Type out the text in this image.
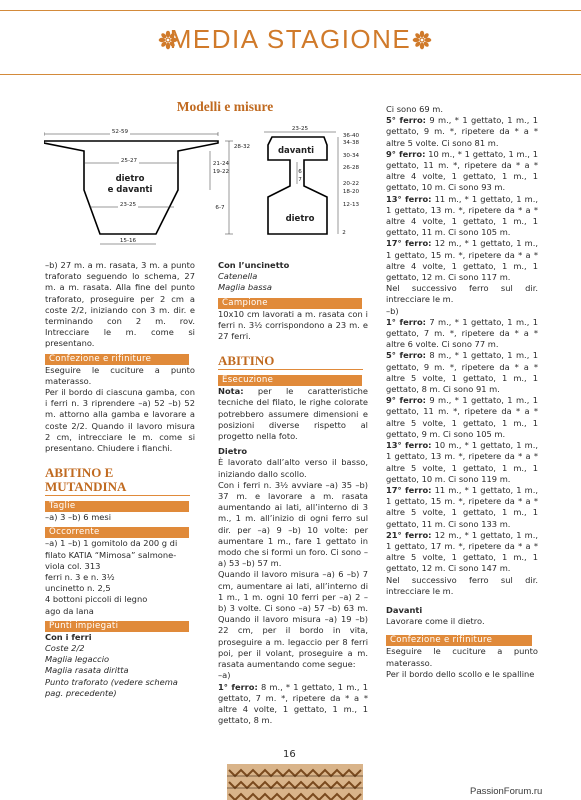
MEDIA STAGIONE
Modelli e misure
52-59
25-27
dietro
e davanti
23-25
15-16
28-32
21-24
19-22
6-7
23-25
davanti
dietro
6
7
36-40
34-38
30-34
26-28
20-22
18-20
12-13
2

–b) 27 m. a m. rasata, 3 m. a punto traforato seguendo lo schema, 27 m. a m. rasata. Alla fine del punto traforato, proseguire per 2 cm a coste 2/2, iniziando con 3 m. dir. e terminando con 2 m. rov. Intrecciare le m. come si presentano.

Confezione e rifiniture

Eseguire le cuciture a punto materasso.

Per il bordo di ciascuna gamba, con i ferri n. 3 riprendere –a) 52 –b) 52 m. attorno alla gamba e lavorare a coste 2/2. Quando il lavoro misura 2 cm, intrecciare le m. come si presentano. Chiudere i fianchi.

ABITINO E MUTANDINA
Taglie

–a) 3 –b) 6 mesi

Occorrente

–a) 1 –b) 1 gomitolo da 200 g di filato KATIA “Mimosa” salmone-viola col. 313

ferri n. 3 e n. 3½

uncinetto n. 2,5

4 bottoni piccoli di legno

ago da lana

Punti impiegati

Con i ferri

Coste 2/2

Maglia legaccio

Maglia rasata diritta

Punto traforato (vedere schema pag. precedente)

Con l’uncinetto

Catenella

Maglia bassa

Campione

10x10 cm lavorati a m. rasata con i ferri n. 3½ corrispondono a 23 m. e 27 ferri.

ABITINO
Esecuzione

Nota: per le caratteristiche tecniche del filato, le righe colorate potrebbero assumere dimensioni e posizioni diverse rispetto al progetto nella foto.

Dietro

È lavorato dall’alto verso il basso, iniziando dallo scollo.

Con i ferri n. 3½ avviare –a) 35 –b) 37 m. e lavorare a m. rasata aumentando ai lati, all’interno di 3 m., 1 m. all’inizio di ogni ferro sul dir. per –a) 9 –b) 10 volte: per aumentare 1 m., fare 1 gettato in modo che si formi un foro. Ci sono –a) 53 –b) 57 m.

Quando il lavoro misura –a) 6 –b) 7 cm, aumentare ai lati, all’interno di 1 m., 1 m. ogni 10 ferri per –a) 2 –b) 3 volte. Ci sono –a) 57 –b) 63 m. Quando il lavoro misura –a) 19 –b) 22 cm, per il bordo in vita, proseguire a m. legaccio per 8 ferri poi, per il volant, proseguire a m. rasata aumentando come segue:

–a)

1° ferro: 8 m., * 1 gettato, 1 m., 1 gettato, 7 m. *, ripetere da * a * altre 4 volte, 1 gettato, 1 m., 1 gettato, 8 m.

Ci sono 69 m.

5° ferro: 9 m., * 1 gettato, 1 m., 1 gettato, 9 m. *, ripetere da * a * altre 5 volte. Ci sono 81 m.

9° ferro: 10 m., * 1 gettato, 1 m., 1 gettato, 11 m. *, ripetere da * a * altre 4 volte, 1 gettato, 1 m., 1 gettato, 10 m. Ci sono 93 m.

13° ferro: 11 m., * 1 gettato, 1 m., 1 gettato, 13 m. *, ripetere da * a * altre 4 volte, 1 gettato, 1 m., 1 gettato, 11 m. Ci sono 105 m.

17° ferro: 12 m., * 1 gettato, 1 m., 1 gettato, 15 m. *, ripetere da * a * altre 4 volte, 1 gettato, 1 m., 1 gettato, 12 m. Ci sono 117 m.

Nel successivo ferro sul dir. intrecciare le m.

–b)

1° ferro: 7 m., * 1 gettato, 1 m., 1 gettato, 7 m. *, ripetere da * a * altre 6 volte. Ci sono 77 m.

5° ferro: 8 m., * 1 gettato, 1 m., 1 gettato, 9 m. *, ripetere da * a * altre 5 volte, 1 gettato, 1 m., 1 gettato, 8 m. Ci sono 91 m.

9° ferro: 9 m., * 1 gettato, 1 m., 1 gettato, 11 m. *, ripetere da * a * altre 5 volte, 1 gettato, 1 m., 1 gettato, 9 m. Ci sono 105 m.

13° ferro: 10 m., * 1 gettato, 1 m., 1 gettato, 13 m. *, ripetere da * a * altre 5 volte, 1 gettato, 1 m., 1 gettato, 10 m. Ci sono 119 m.

17° ferro: 11 m., * 1 gettato, 1 m., 1 gettato, 15 m. *, ripetere da * a * altre 5 volte, 1 gettato, 1 m., 1 gettato, 11 m. Ci sono 133 m.

21° ferro: 12 m., * 1 gettato, 1 m., 1 gettato, 17 m. *, ripetere da * a * altre 5 volte, 1 gettato, 1 m., 1 gettato, 12 m. Ci sono 147 m.

Nel successivo ferro sul dir. intrecciare le m.

Davanti

Lavorare come il dietro.

Confezione e rifiniture

Eseguire le cuciture a punto materasso.

Per il bordo dello scollo e le spalline

16
PassionForum.ru
